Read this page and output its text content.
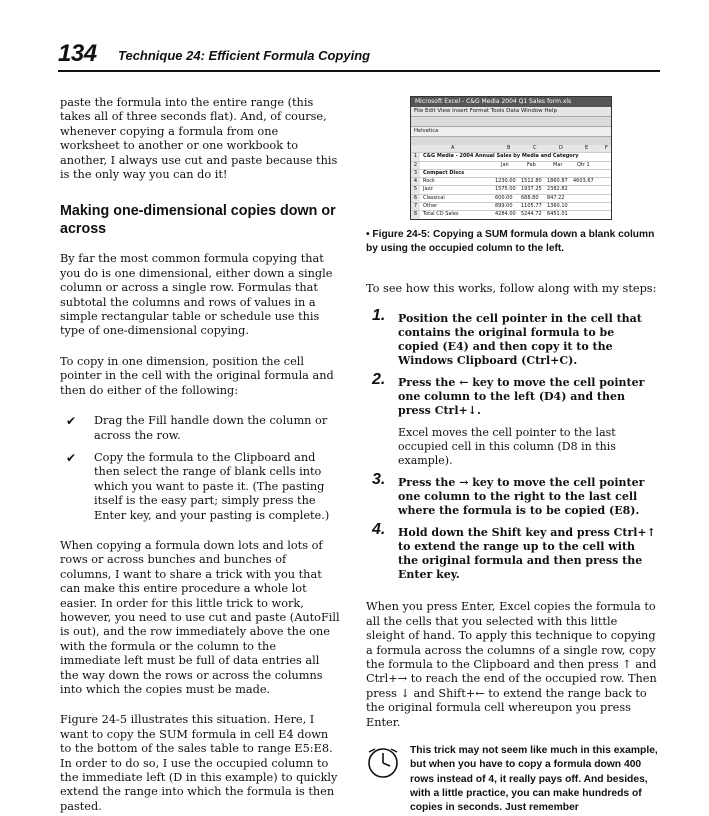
134 Technique 24: Efficient Formula Copying

paste the formula into the entire range (this takes all of three seconds flat). And, of course, whenever copying a formula from one worksheet to another or one workbook to another, I always use cut and paste because this is the only way you can do it!

Making one-dimensional copies down or across

By far the most common formula copying that you do is one dimensional, either down a single column or across a single row. Formulas that subtotal the columns and rows of values in a simple rectangular table or schedule use this type of one-dimensional copying.

To copy in one dimension, position the cell pointer in the cell with the original formula and then do either of the following:

✔ Drag the Fill handle down the column or across the row.
✔ Copy the formula to the Clipboard and then select the range of blank cells into which you want to paste it. (The pasting itself is the easy part; simply press the Enter key, and your pasting is complete.)

When copying a formula down lots and lots of rows or across bunches and bunches of columns, I want to share a trick with you that can make this entire procedure a whole lot easier. In order for this little trick to work, however, you need to use cut and paste (AutoFill is out), and the row immediately above the one with the formula or the column to the immediate left must be full of data entries all the way down the rows or across the columns into which the copies must be made.

Figure 24-5 illustrates this situation. Here, I want to copy the SUM formula in cell E4 down to the bottom of the sales table to range E5:E8. In order to do so, I use the occupied column to the immediate left (D in this example) to quickly extend the range into which the formula is then pasted.

Microsoft Excel - C&G Media 2004 Q1 Sales form.xls
File Edit View Insert Format Tools Data Window Help
Helvetica
A	B	C	D	E	F
1	C&G Media - 2004 Annual Sales by Media and Category
2	Jan	Feb	Mar	Qtr 1
3	Compact Discs
4	Rock	1230.00 1512.80 1860.87 4603.67
5	Jazz	1575.00 1937.25 2382.82
6	Classical	600.00 688.80 847.22
7	Other	899.00 1105.77 1360.10
8	Total CD Sales	4284.00 5244.72 6451.01
• Figure 24-5: Copying a SUM formula down a blank column by using the occupied column to the left.

To see how this works, follow along with my steps:

1. Position the cell pointer in the cell that contains the original formula to be copied (E4) and then copy it to the Windows Clipboard (Ctrl+C).
2. Press the ← key to move the cell pointer one column to the left (D4) and then press Ctrl+↓.

Excel moves the cell pointer to the last occupied cell in this column (D8 in this example).

3. Press the → key to move the cell pointer one column to the right to the last cell where the formula is to be copied (E8).
4. Hold down the Shift key and press Ctrl+↑ to extend the range up to the cell with the original formula and then press the Enter key.

When you press Enter, Excel copies the formula to all the cells that you selected with this little sleight of hand. To apply this technique to copying a formula across the columns of a single row, copy the formula to the Clipboard and then press ↑ and Ctrl+→ to reach the end of the occupied row. Then press ↓ and Shift+← to extend the range back to the original formula cell whereupon you press Enter.

This trick may not seem like much in this example, but when you have to copy a formula down 400 rows instead of 4, it really pays off. And besides, with a little practice, you can make hundreds of copies in seconds. Just remember
